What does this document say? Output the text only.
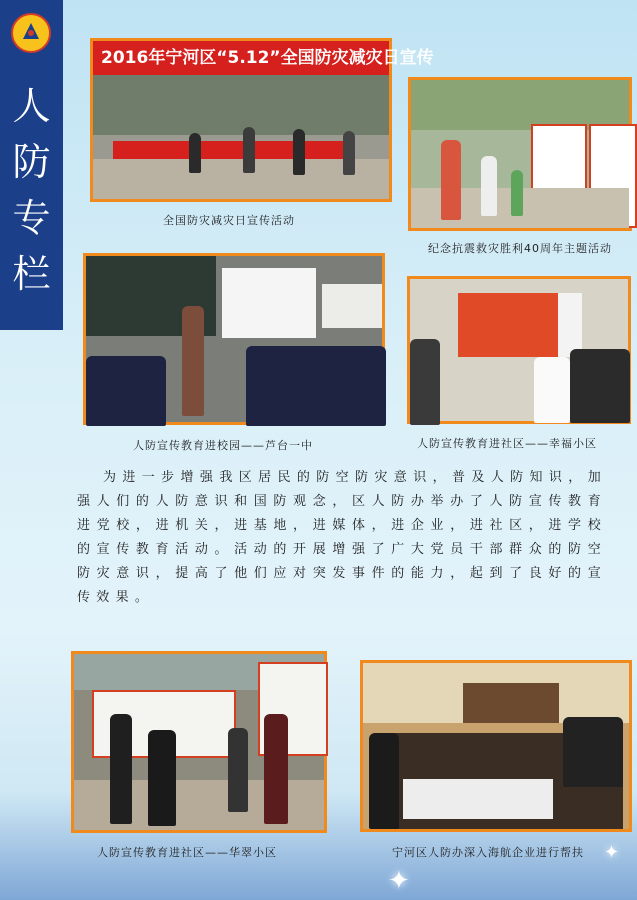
人
防
专
栏
2016年宁河区“5.12”全国防灾减灾日宣传
全国防灾减灾日宣传活动
纪念抗震救灾胜利40周年主题活动
人防宣传教育进校园——芦台一中	人防宣传教育进社区——幸福小区
为进一步增强我区居民的防空防灾意识，普及人防知识，加强人们的人防意识和国防观念，区人防办举办了人防宣传教育进党校，进机关，进基地，进媒体，进企业，进社区，进学校的宣传教育活动。活动的开展增强了广大党员干部群众的防空防灾意识，提高了他们应对突发事件的能力，起到了良好的宣传效果。
人防宣传教育进社区——华翠小区	宁河区人防办深入海航企业进行帮扶
✦
✦
